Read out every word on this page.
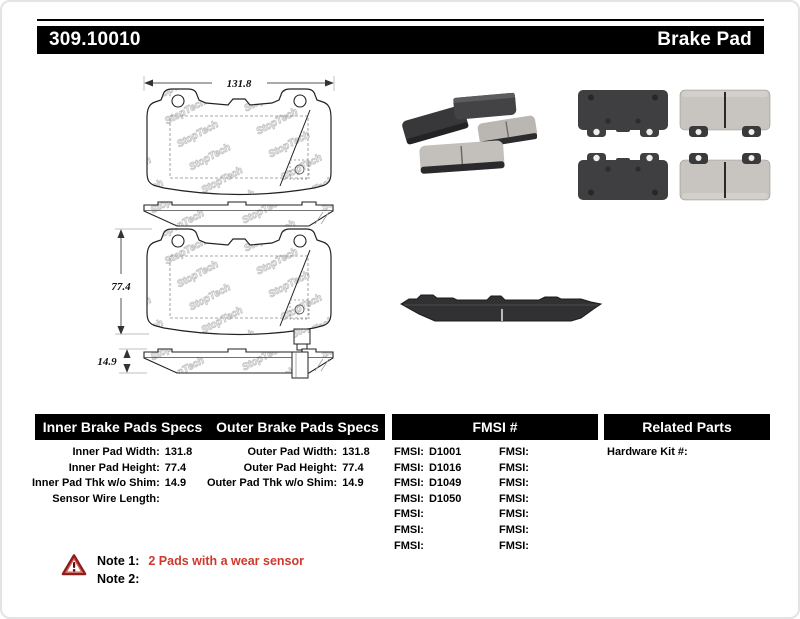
309.10010	Brake Pad
131.8
77.4
14.9
Inner Brake Pads Specs Outer Brake Pads Specs	FMSI #	Related Parts
Inner Pad Width: 131.8
Inner Pad Height: 77.4
Inner Pad Thk w/o Shim: 14.9
Sensor Wire Length:
Outer Pad Width: 131.8
Outer Pad Height: 77.4
Outer Pad Thk w/o Shim: 14.9
FMSI: D1001
FMSI: D1016
FMSI: D1049
FMSI: D1050
FMSI:
FMSI:
FMSI:
FMSI:
FMSI:
FMSI:
FMSI:
FMSI:
FMSI:
FMSI:
Hardware Kit #:
Note 1: 2 Pads with a wear sensor
Note 2:
